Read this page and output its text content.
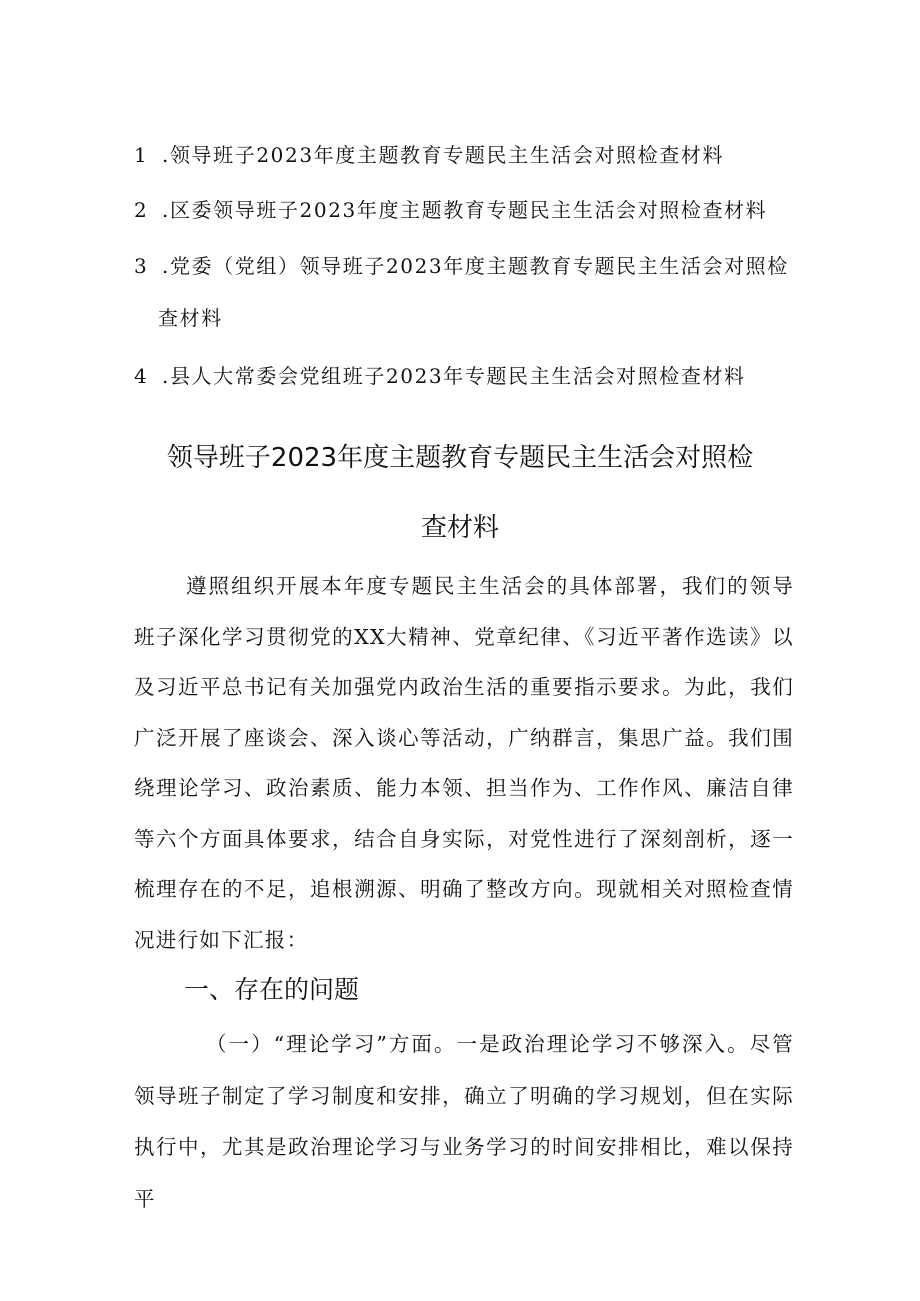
1 .领导班子2023年度主题教育专题民主生活会对照检查材料
2 .区委领导班子2023年度主题教育专题民主生活会对照检查材料
3 .党委（党组）领导班子2023年度主题教育专题民主生活会对照检
查材料
4 .县人大常委会党组班子2023年专题民主生活会对照检查材料
领导班子2023年度主题教育专题民主生活会对照检
查材料
遵照组织开展本年度专题民主生活会的具体部署，我们的领导班子深化学习贯彻党的XX大精神、党章纪律、《习近平著作选读》以及习近平总书记有关加强党内政治生活的重要指示要求。为此，我们广泛开展了座谈会、深入谈心等活动，广纳群言，集思广益。我们围绕理论学习、政治素质、能力本领、担当作为、工作作风、廉洁自律等六个方面具体要求，结合自身实际，对党性进行了深刻剖析，逐一梳理存在的不足，追根溯源、明确了整改方向。现就相关对照检查情况进行如下汇报：
一、存在的问题
（一）“理论学习”方面。一是政治理论学习不够深入。尽管领导班子制定了学习制度和安排，确立了明确的学习规划，但在实际执行中，尤其是政治理论学习与业务学习的时间安排相比，难以保持平
